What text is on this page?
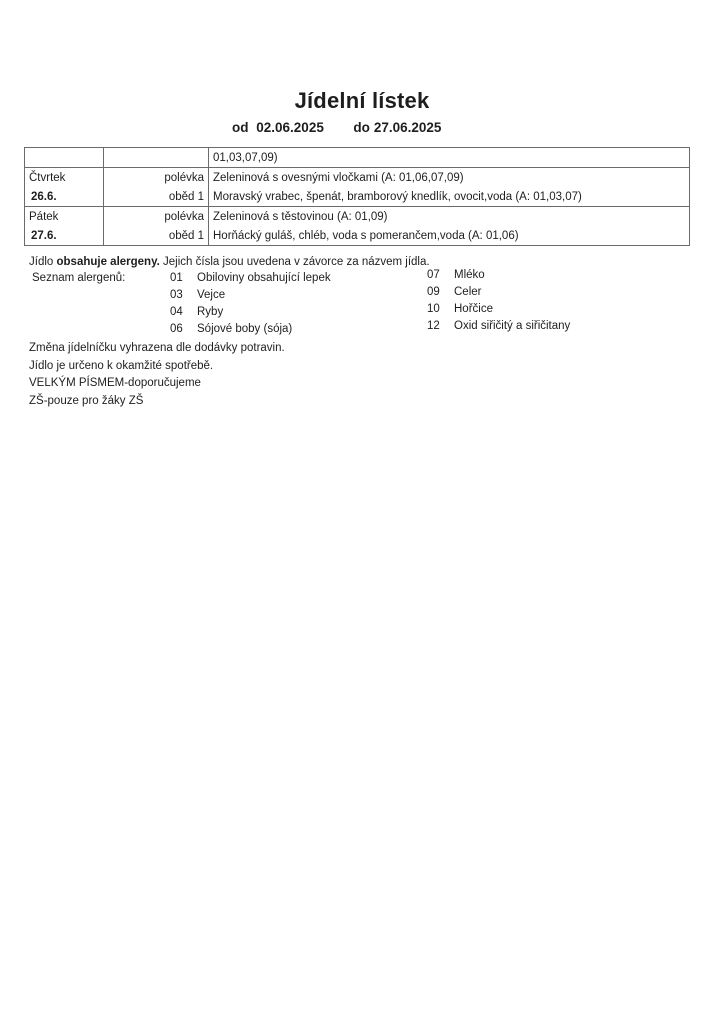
Jídelní lístek
od 02.06.2025 do 27.06.2025
		01,03,07,09)
Čtvrtek	polévka	Zeleninová s ovesnými vločkami (A: 01,06,07,09)
26.6.	oběd 1	Moravský vrabec, špenát, bramborový knedlík, ovocit,voda (A: 01,03,07)
Pátek	polévka	Zeleninová s těstovinou (A: 01,09)
27.6.	oběd 1	Horňácký guláš, chléb, voda s pomerančem,voda (A: 01,06)
Jídlo obsahuje alergeny. Jejich čísla jsou uvedena v závorce za názvem jídla.
Seznam alergenů:	01 Obiloviny obsahující lepek
03 Vejce
04 Ryby
06 Sójové boby (sója)
07 Mléko
09 Celer
10 Hořčice
12 Oxid siřičitý a siřičitany
Změna jídelníčku vyhrazena dle dodávky potravin.
Jídlo je určeno k okamžité spotřebě.
VELKÝM PÍSMEM-doporučujeme
ZŠ-pouze pro žáky ZŠ
